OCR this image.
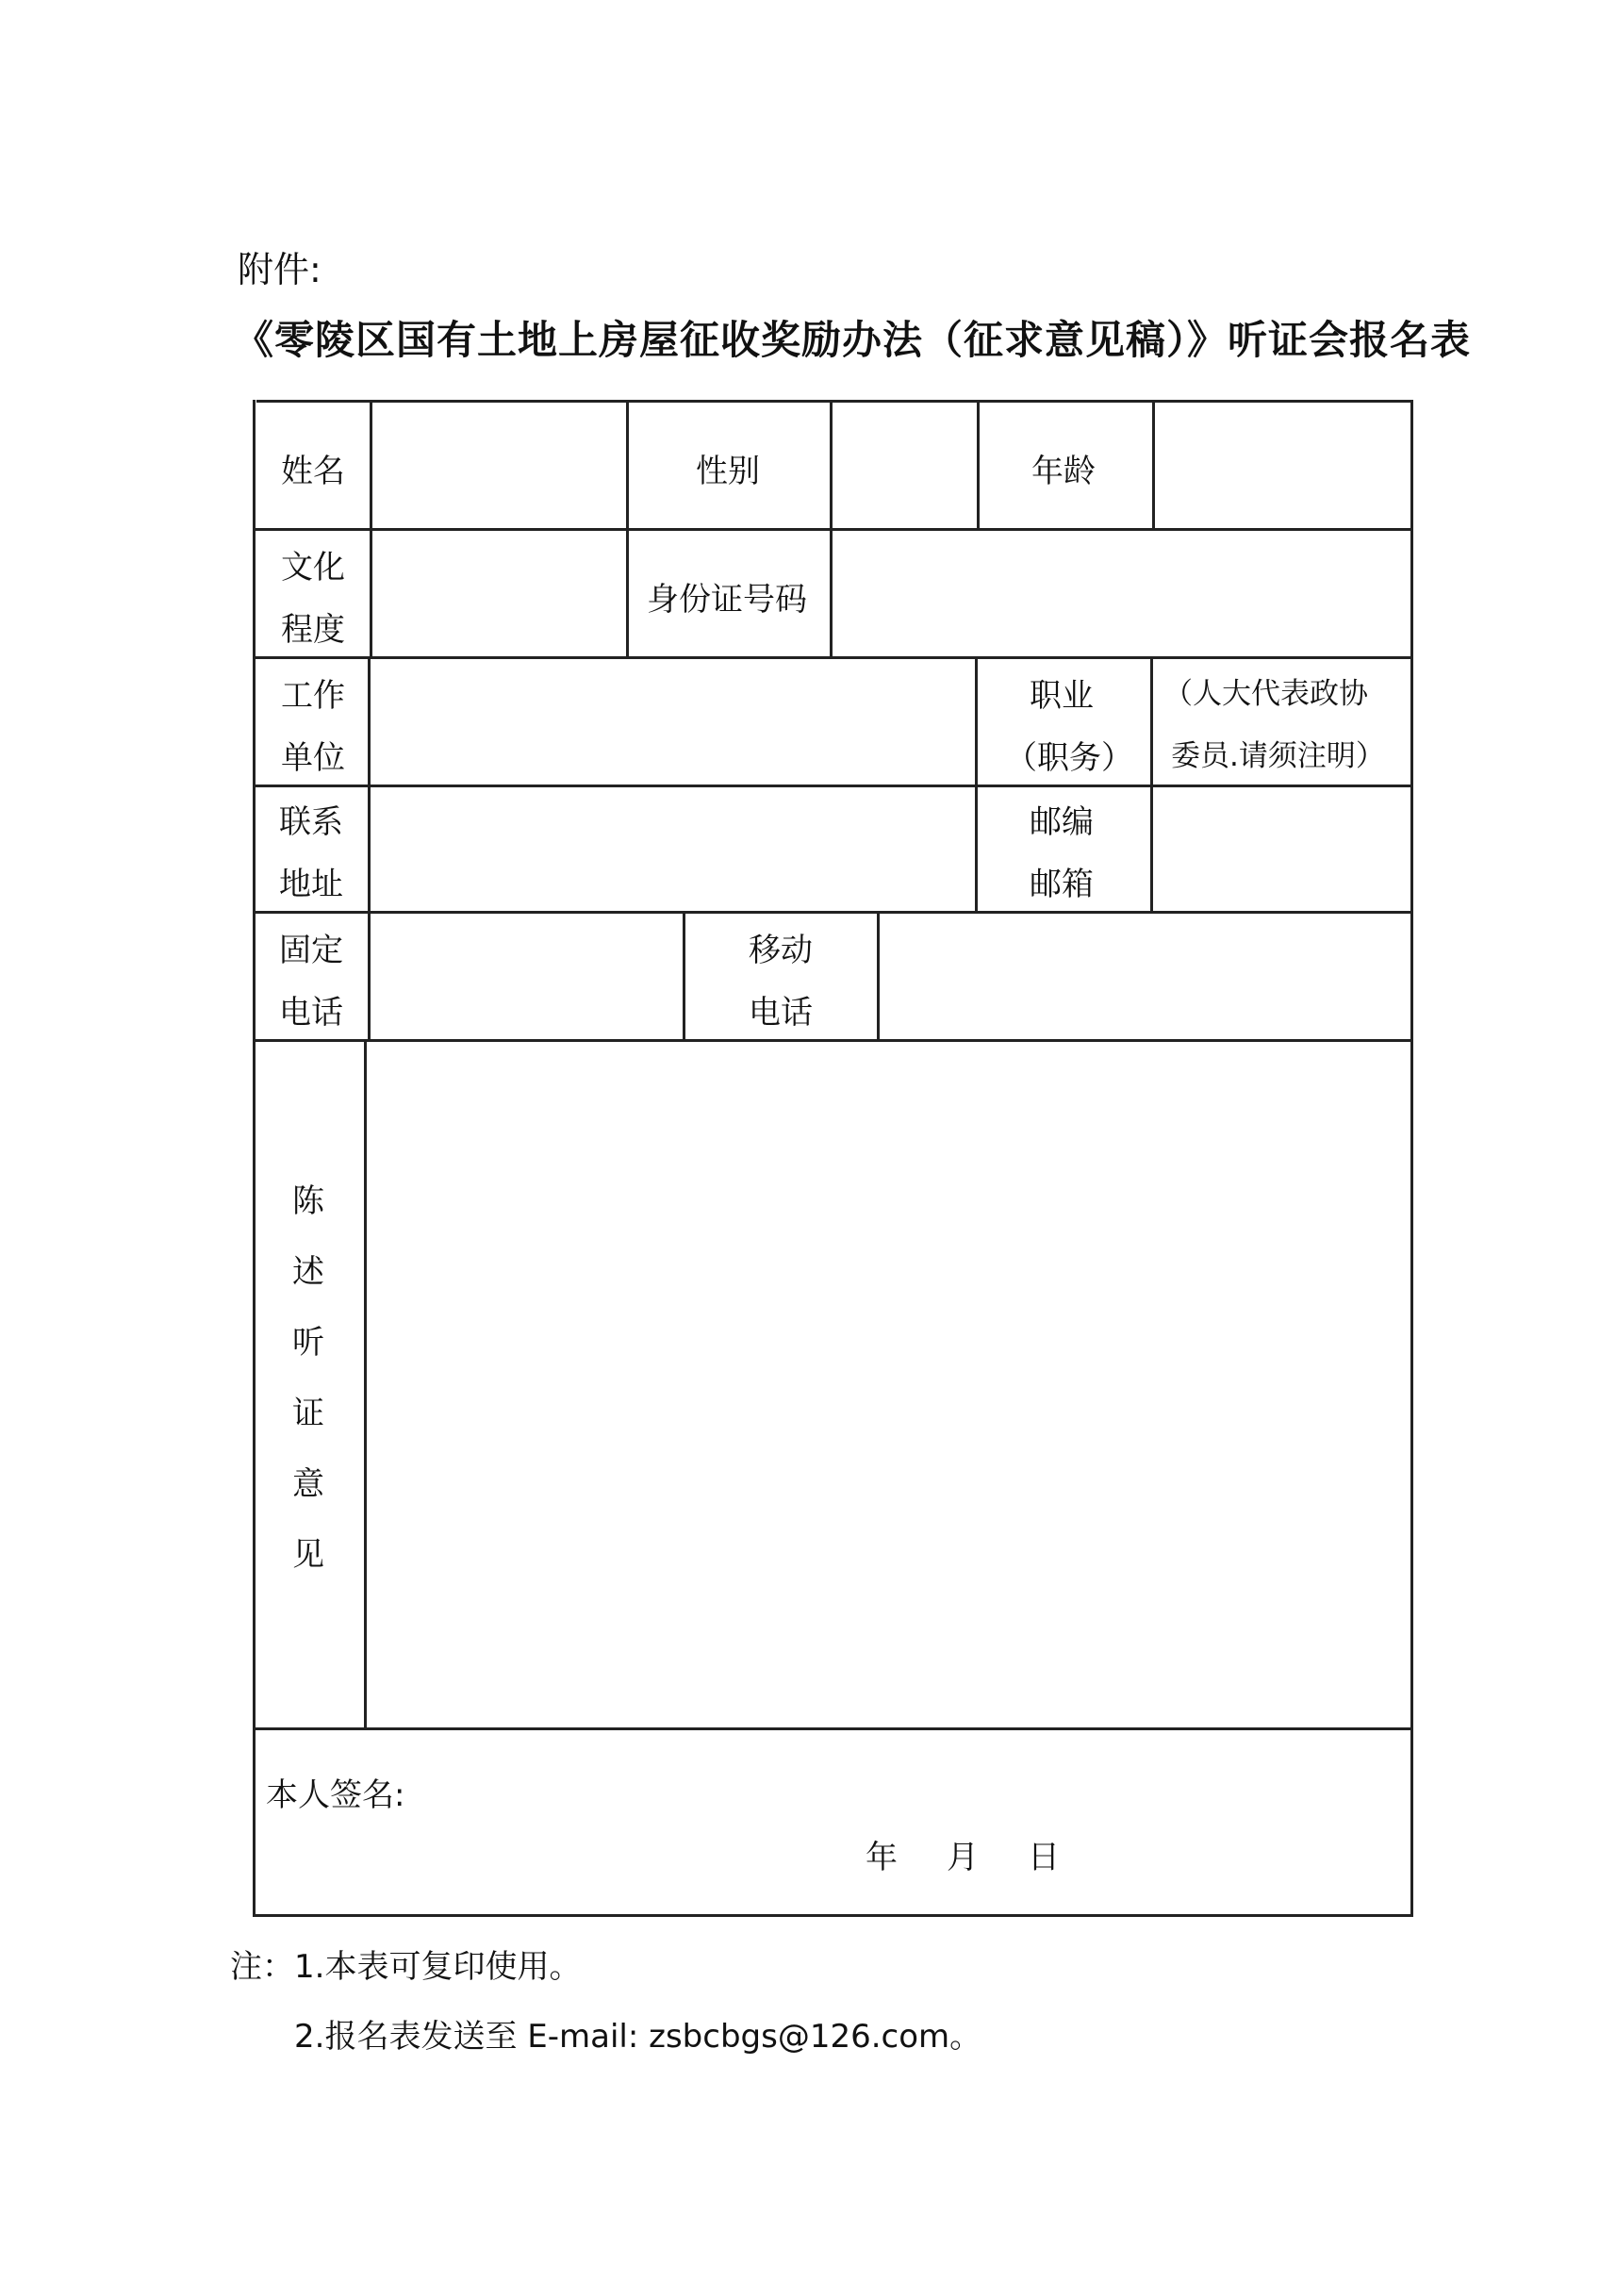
附件:
《零陵区国有土地上房屋征收奖励办法（征求意见稿）》听证会报名表
姓名	性别	年龄
文化
程度
身份证号码
工作
单位
职业
（职务）
（人大代表政协
委员.请须注明）
联系
地址
邮编
邮箱
固定
电话
移动
电话
陈
述
听
证
意
见
本人签名:
年 月 日
注：1.本表可复印使用。
2.报名表发送至 E-mail: zsbcbgs@126.com。
